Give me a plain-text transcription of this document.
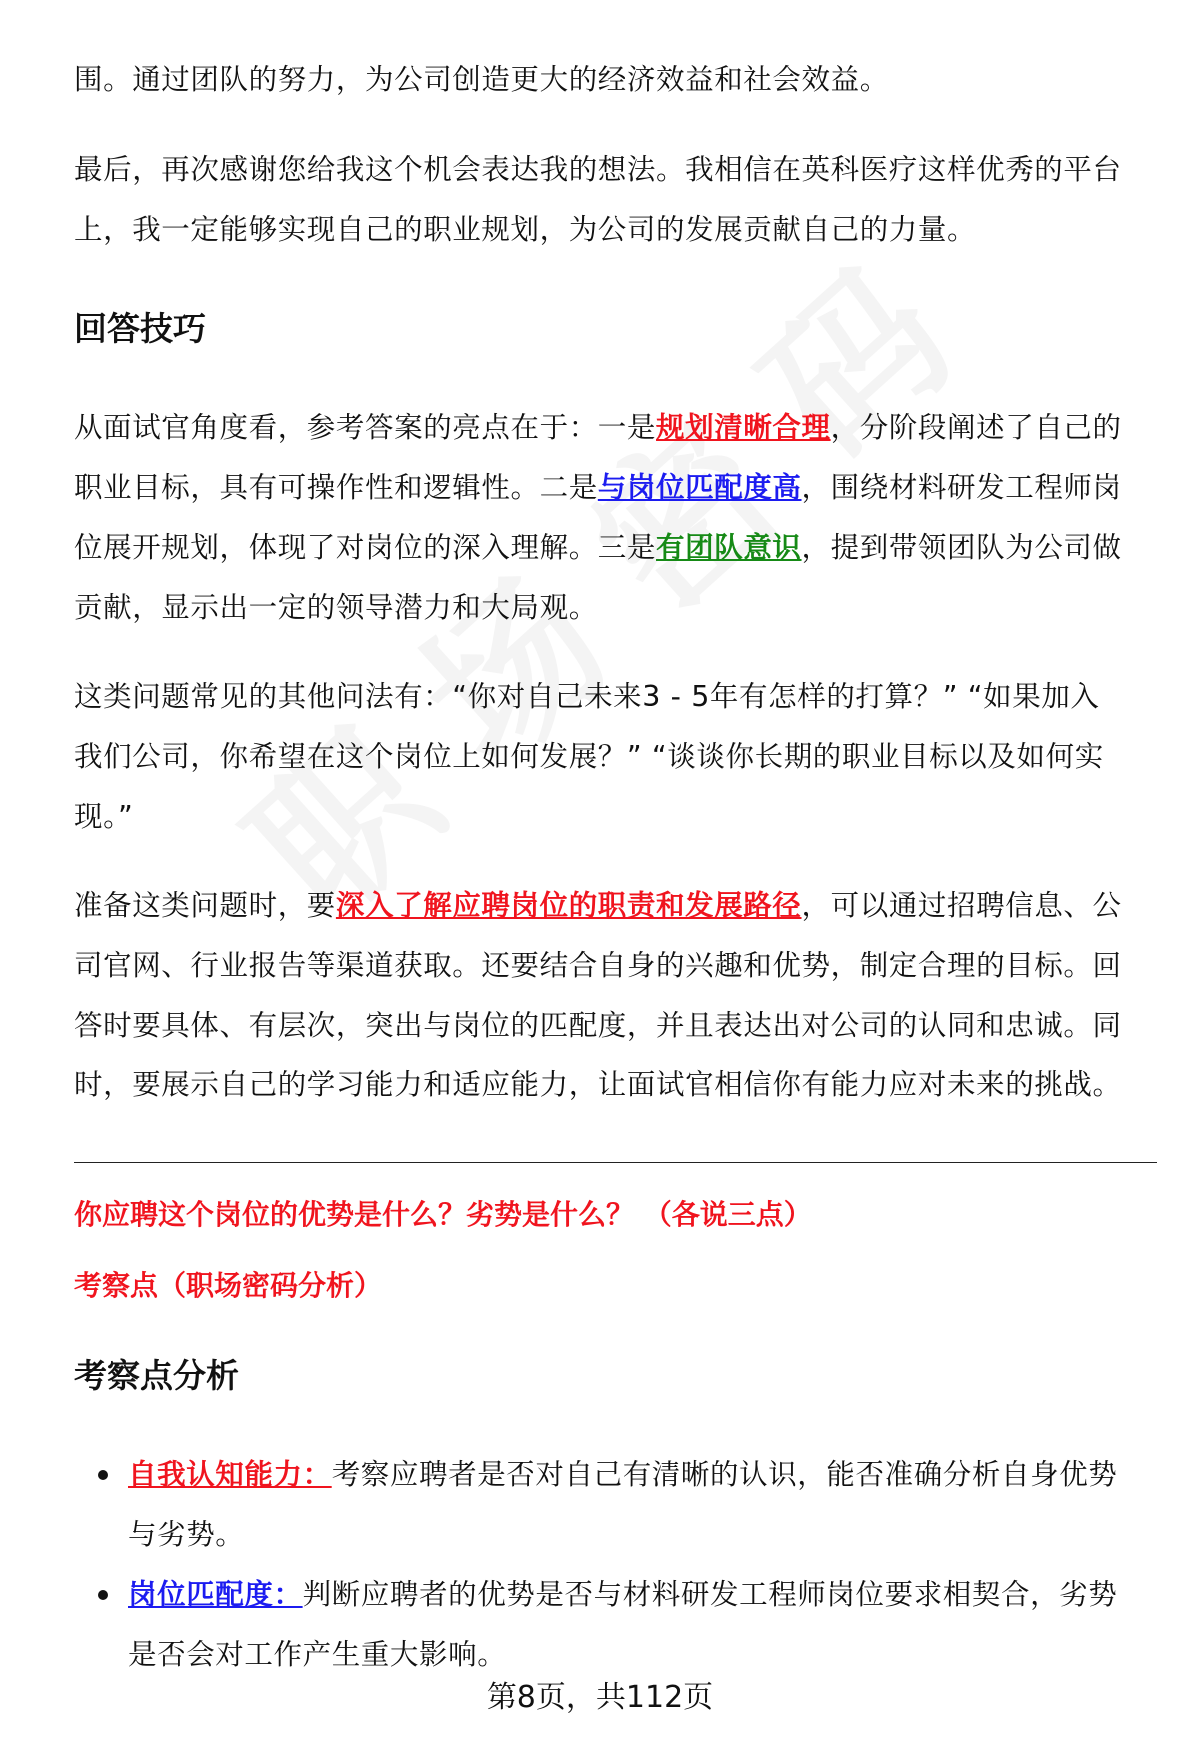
围。通过团队的努力，为公司创造更大的经济效益和社会效益。
最后，再次感谢您给我这个机会表达我的想法。我相信在英科医疗这样优秀的平台
上，我一定能够实现自己的职业规划，为公司的发展贡献自己的力量。
回答技巧
从面试官角度看，参考答案的亮点在于：一是规划清晰合理，分阶段阐述了自己的
职业目标，具有可操作性和逻辑性。二是与岗位匹配度高，围绕材料研发工程师岗
位展开规划，体现了对岗位的深入理解。三是有团队意识，提到带领团队为公司做
贡献，显示出一定的领导潜力和大局观。
这类问题常见的其他问法有：“你对自己未来3 - 5年有怎样的打算？” “如果加入
我们公司，你希望在这个岗位上如何发展？” “谈谈你长期的职业目标以及如何实
现。”
准备这类问题时，要深入了解应聘岗位的职责和发展路径，可以通过招聘信息、公
司官网、行业报告等渠道获取。还要结合自身的兴趣和优势，制定合理的目标。回
答时要具体、有层次，突出与岗位的匹配度，并且表达出对公司的认同和忠诚。同
时，要展示自己的学习能力和适应能力，让面试官相信你有能力应对未来的挑战。
你应聘这个岗位的优势是什么？劣势是什么？ （各说三点）
考察点（职场密码分析）
考察点分析
自我认知能力：考察应聘者是否对自己有清晰的认识，能否准确分析自身优势
与劣势。
岗位匹配度：判断应聘者的优势是否与材料研发工程师岗位要求相契合，劣势
是否会对工作产生重大影响。
第8页，共112页
